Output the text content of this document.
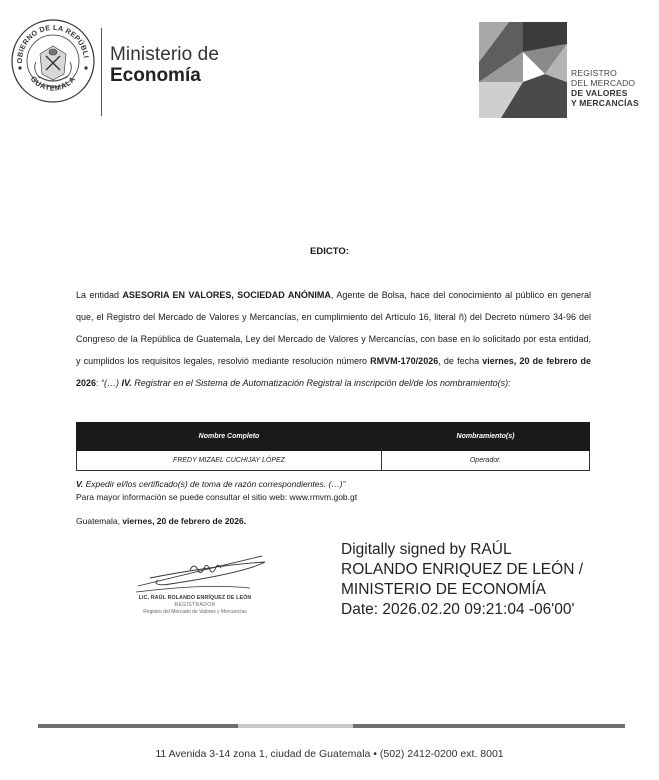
OBIERNO DE LA REPÚBLI
GUATEMALA
Ministerio de
Economía	REGISTRO
DEL MERCADO
DE VALORES
Y MERCANCÍAS
EDICTO:
La entidad ASESORIA EN VALORES, SOCIEDAD ANÓNIMA, Agente de Bolsa, hace del conocimiento al público en general que, el Registro del Mercado de Valores y Mercancías, en cumplimiento del Artículo 16, literal ñ) del Decreto número 34-96 del Congreso de la República de Guatemala, Ley del Mercado de Valores y Mercancías, con base en lo solicitado por esta entidad, y cumplidos los requisitos legales, resolvió mediante resolución número RMVM-170/2026, de fecha viernes, 20 de febrero de 2026: “(…) IV. Registrar en el Sistema de Automatización Registral la inscripción del/de los nombramiento(s):
Nombre Completo	Nombramiento(s)
FREDY MIZAEL CUCHIJAY LÓPEZ	Operador.
V. Expedir el/los certificado(s) de toma de razón correspondientes. (…)”
Para mayor información se puede consultar el sitio web: www.rmvm.gob.gt
Guatemala, viernes, 20 de febrero de 2026.
LIC. RAÚL ROLANDO ENRÍQUEZ DE LEÓN
REGISTRADOR
Registro del Mercado de Valores y Mercancías
Digitally signed by RAÚL
ROLANDO ENRIQUEZ DE LEÓN /
MINISTERIO DE ECONOMÍA
Date: 2026.02.20 09:21:04 -06'00'
11 Avenida 3-14 zona 1, ciudad de Guatemala • (502) 2412-0200 ext. 8001
